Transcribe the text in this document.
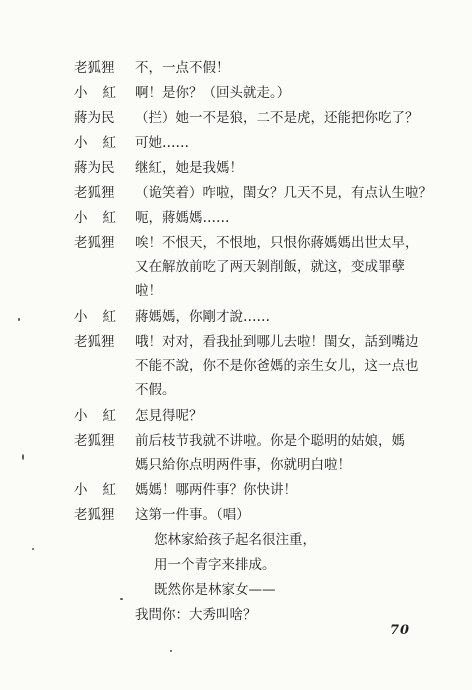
老狐狸	不，一点不假！
小紅 啊！是你？（回头就走。）
蔣为民	（拦）她一不是狼，二不是虎，还能把你吃了？
小紅 可她……
蔣为民	继紅，她是我媽！
老狐狸	（诡笑着）咋啦，閨女？几天不見，有点认生啦？
小紅 呃，蔣媽媽……
老狐狸	唉！不恨天，不恨地，只恨你蔣媽媽出世太早，
又在解放前吃了两天剝削飯，就这，变成罪孽
啦！
小紅 蔣媽媽，你剛才說……
老狐狸	哦！对对，看我扯到哪儿去啦！閨女，話到嘴边
不能不說，你不是你爸媽的亲生女儿，这一点也
不假。
小紅 怎見得呢？
老狐狸	前后枝节我就不讲啦。你是个聪明的姑娘，媽
媽只給你点明两件事，你就明白啦！
小紅 媽媽！哪两件事？你快讲！
老狐狸	这第一件事。（唱）
您林家給孩子起名很注重，
用一个青字来排成。
既然你是林家女——
我問你：大秀叫啥？
70
